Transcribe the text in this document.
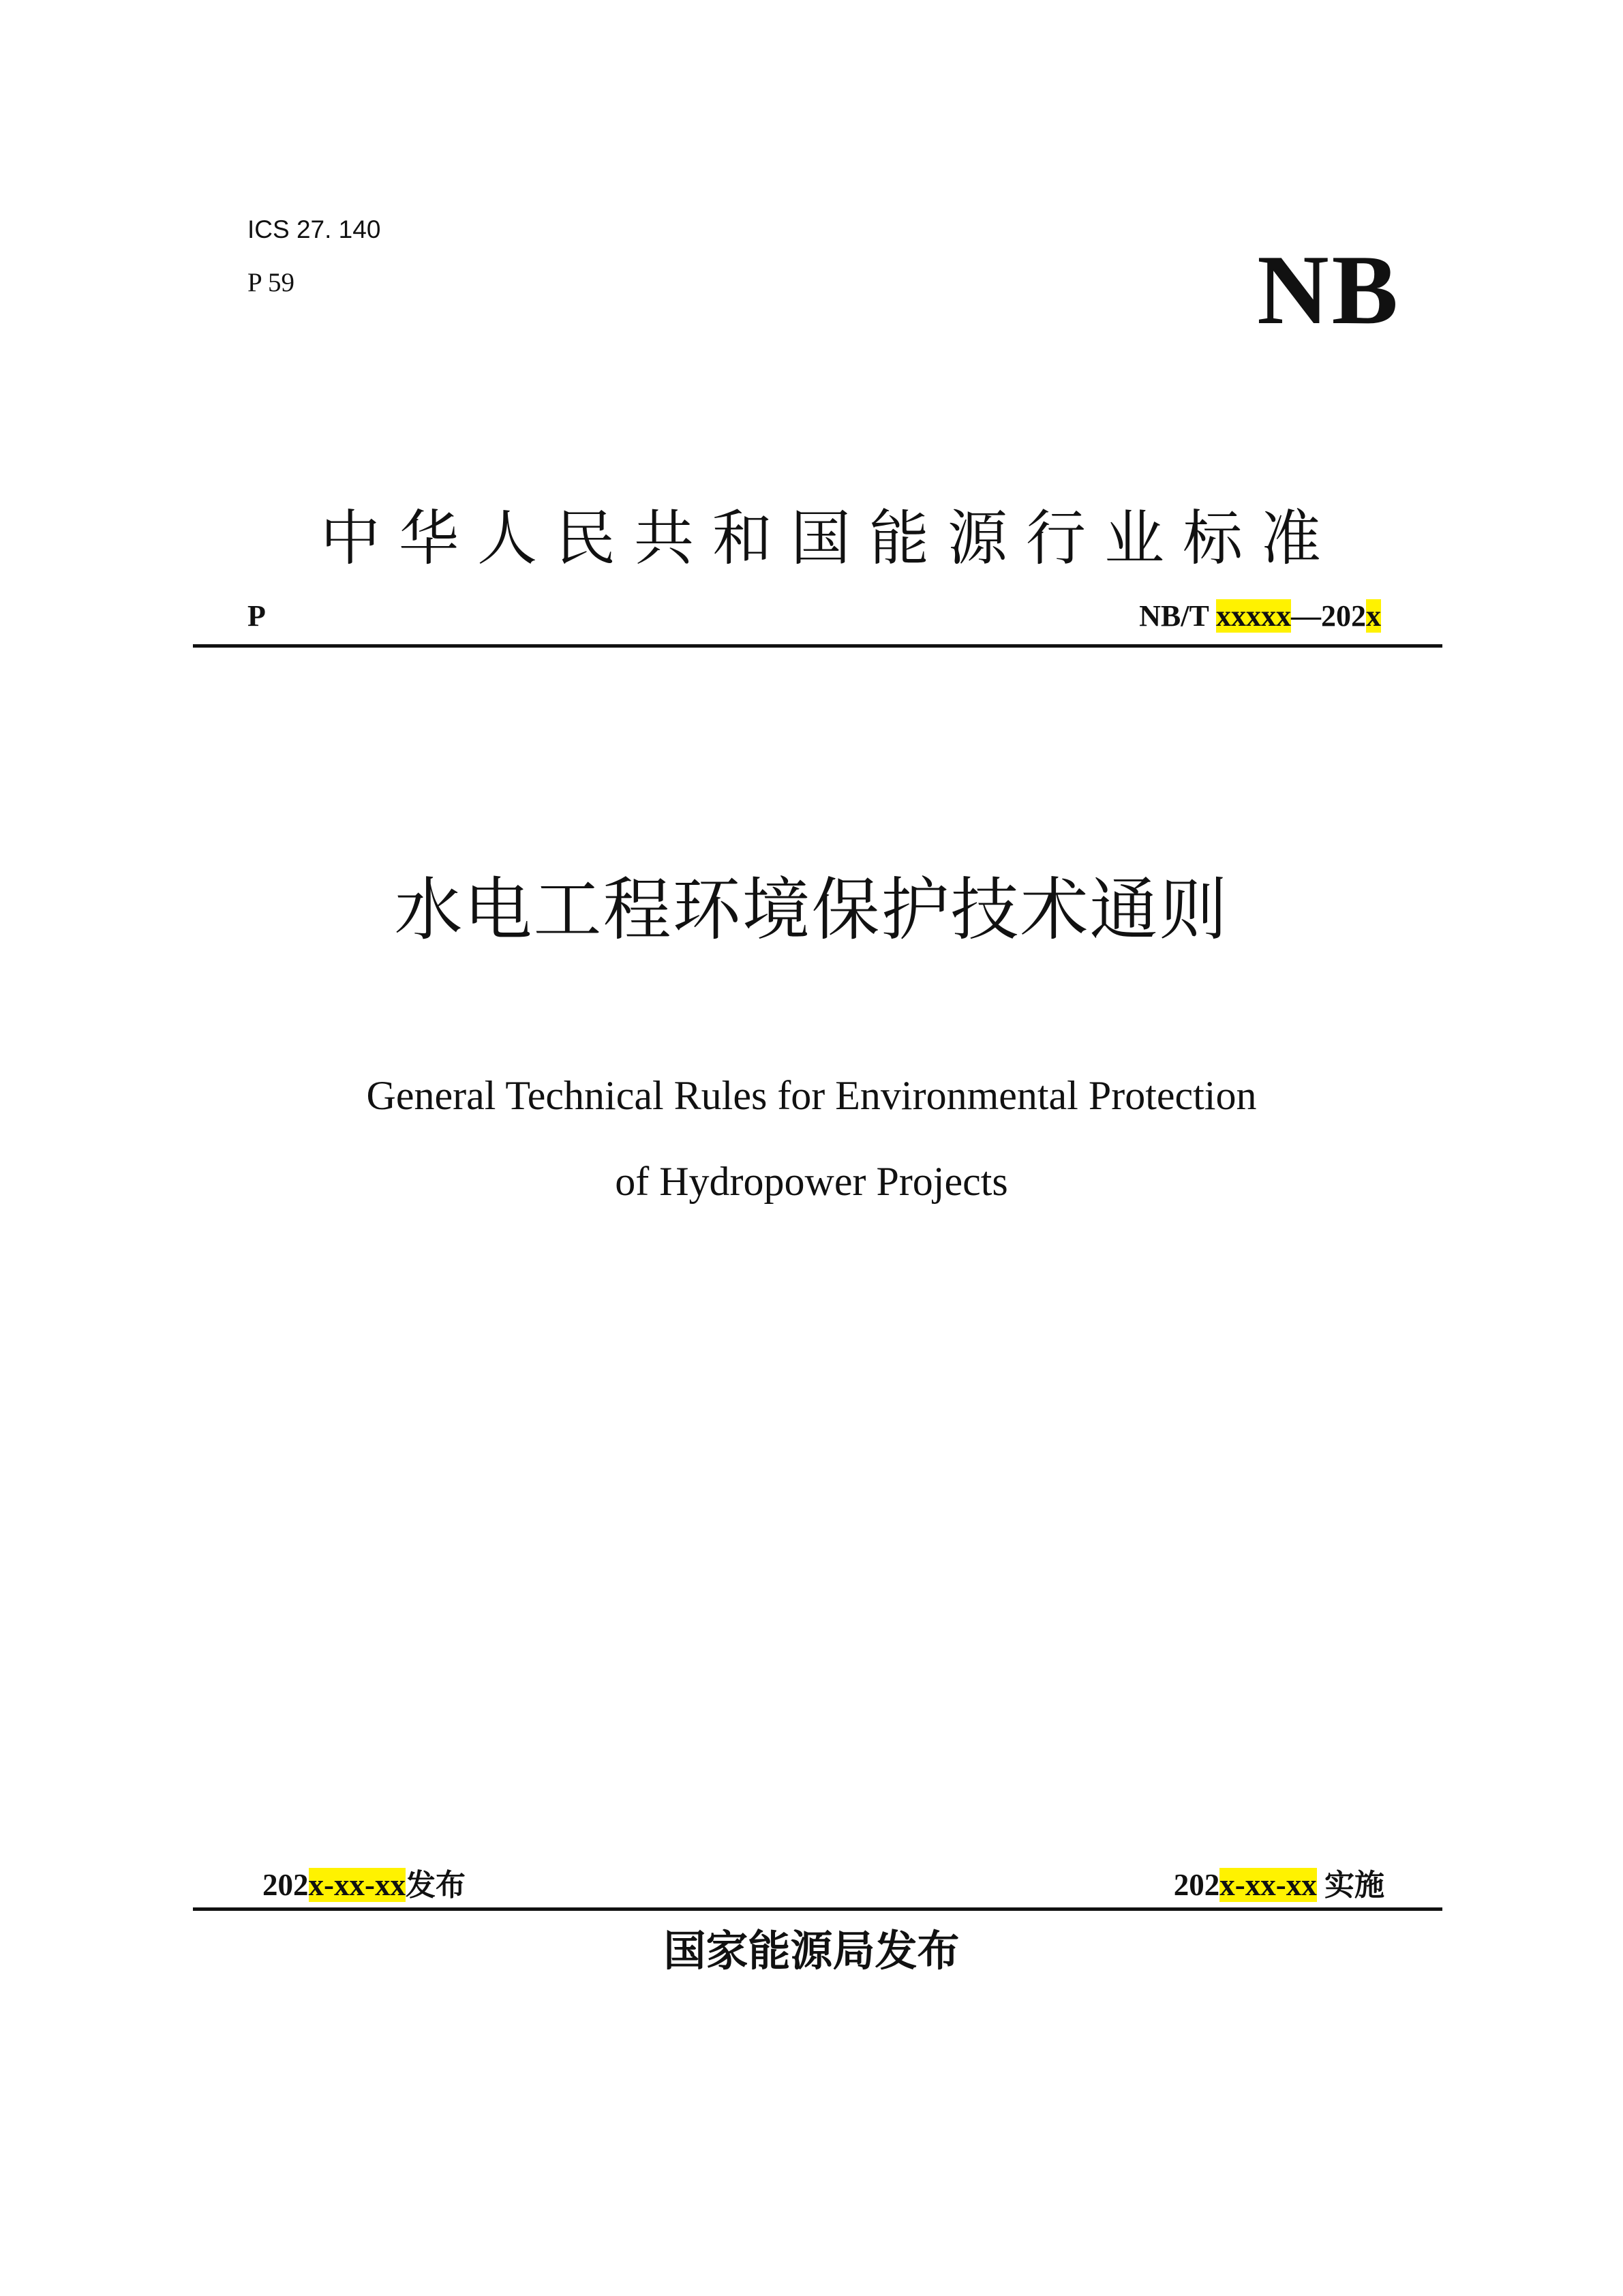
ICS 27. 140
P 59	NB
中华人民共和国能源行业标准
P	NB/T xxxxx—202x
水电工程环境保护技术通则
General Technical Rules for Environmental Protection
of Hydropower Projects
202x-xx-xx发布	202x-xx-xx 实施
国家能源局发布
